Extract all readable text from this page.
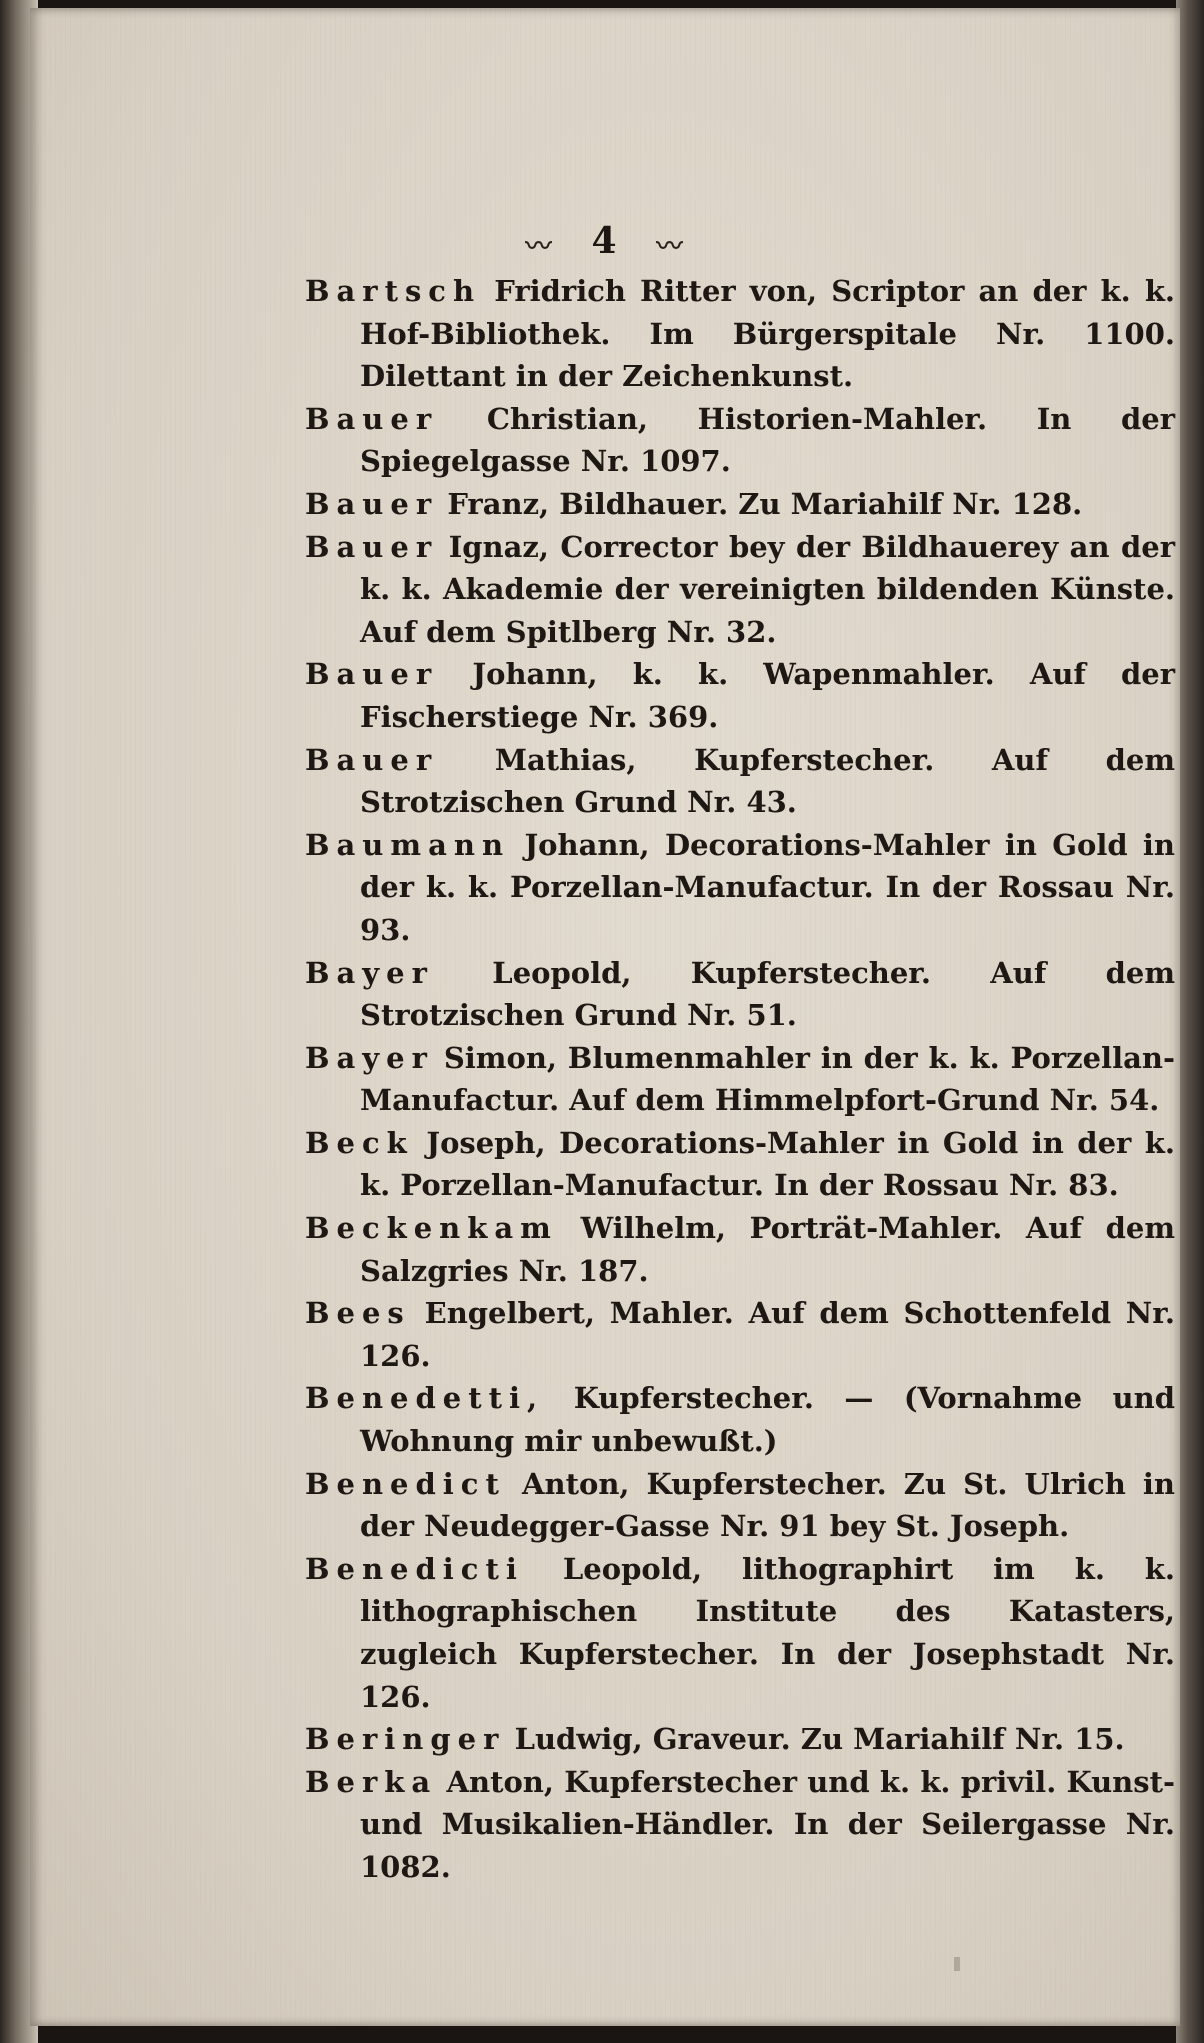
〰 4 〰

Bartsch Fridrich Ritter von, Scriptor an der k. k. Hof-Bibliothek. Im Bürgerspitale Nr. 1100. Dilettant in der Zeichenkunst.

Bauer Christian, Historien-Mahler. In der Spiegelgasse Nr. 1097.

Bauer Franz, Bildhauer. Zu Mariahilf Nr. 128.

Bauer Ignaz, Corrector bey der Bildhauerey an der k. k. Akademie der vereinigten bildenden Künste. Auf dem Spitlberg Nr. 32.

Bauer Johann, k. k. Wapenmahler. Auf der Fischerstiege Nr. 369.

Bauer Mathias, Kupferstecher. Auf dem Strotzischen Grund Nr. 43.

Baumann Johann, Decorations-Mahler in Gold in der k. k. Porzellan-Manufactur. In der Rossau Nr. 93.

Bayer Leopold, Kupferstecher. Auf dem Strotzischen Grund Nr. 51.

Bayer Simon, Blumenmahler in der k. k. Porzellan-Manufactur. Auf dem Himmelpfort-Grund Nr. 54.

Beck Joseph, Decorations-Mahler in Gold in der k. k. Porzellan-Manufactur. In der Rossau Nr. 83.

Beckenkam Wilhelm, Porträt-Mahler. Auf dem Salzgries Nr. 187.

Bees Engelbert, Mahler. Auf dem Schottenfeld Nr. 126.

Benedetti, Kupferstecher. — (Vornahme und Wohnung mir unbewußt.)

Benedict Anton, Kupferstecher. Zu St. Ulrich in der Neudegger-Gasse Nr. 91 bey St. Joseph.

Benedicti Leopold, lithographirt im k. k. lithographischen Institute des Katasters, zugleich Kupferstecher. In der Josephstadt Nr. 126.

Beringer Ludwig, Graveur. Zu Mariahilf Nr. 15.

Berka Anton, Kupferstecher und k. k. privil. Kunst- und Musikalien-Händler. In der Seilergasse Nr. 1082.
